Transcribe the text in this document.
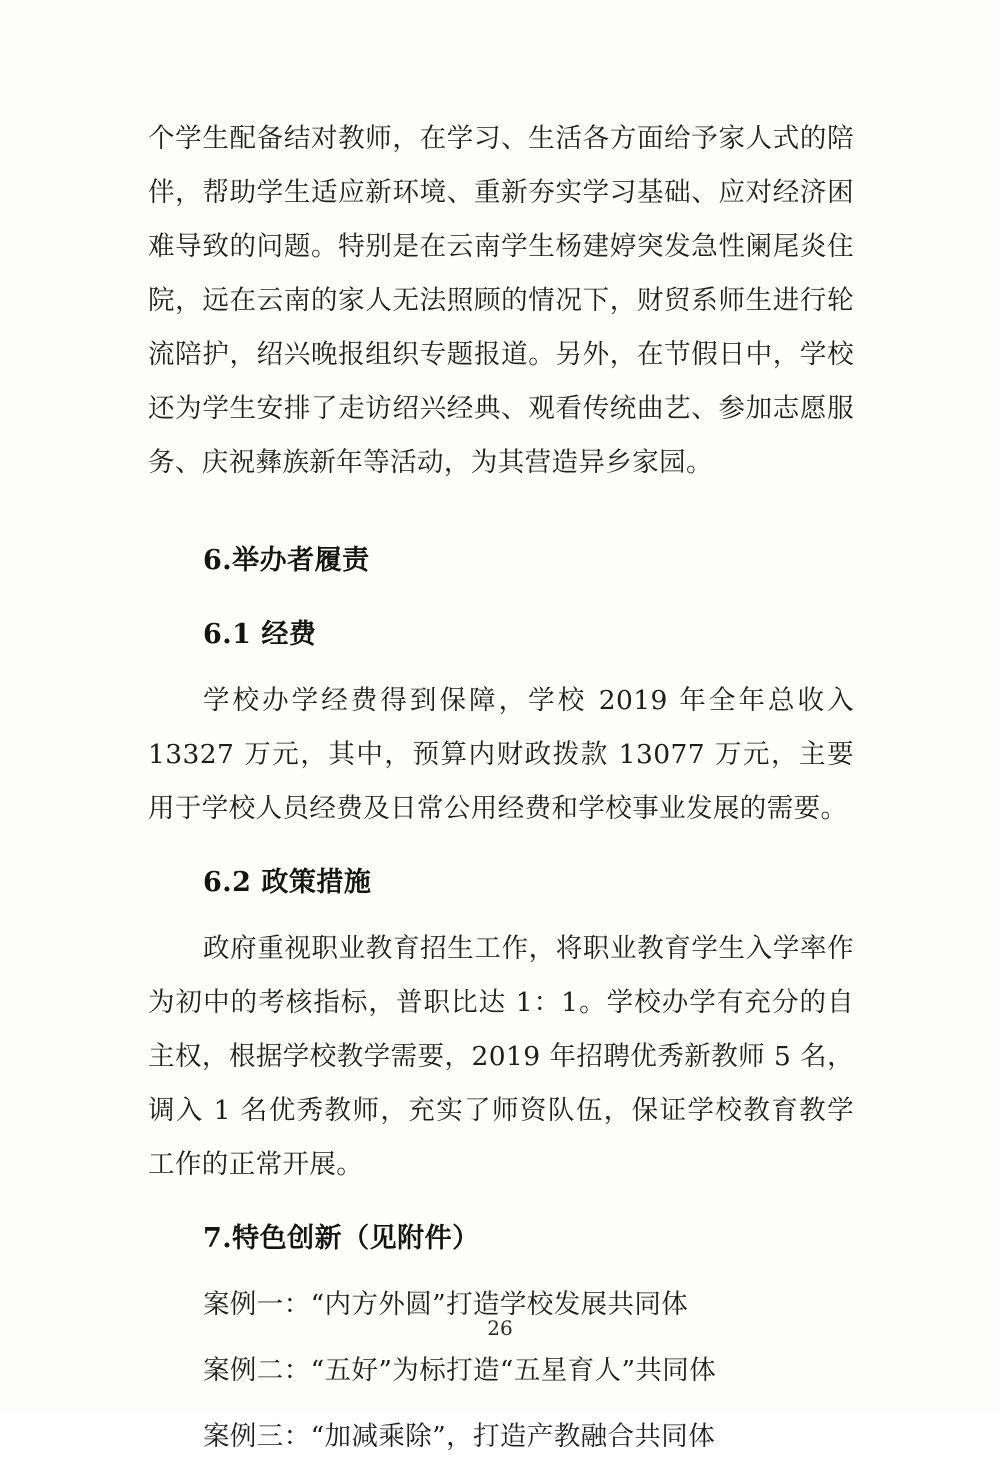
个学生配备结对教师，在学习、生活各方面给予家人式的陪伴，帮助学生适应新环境、重新夯实学习基础、应对经济困难导致的问题。特别是在云南学生杨建婷突发急性阑尾炎住院，远在云南的家人无法照顾的情况下，财贸系师生进行轮流陪护，绍兴晚报组织专题报道。另外，在节假日中，学校还为学生安排了走访绍兴经典、观看传统曲艺、参加志愿服务、庆祝彝族新年等活动，为其营造异乡家园。

6.举办者履责
6.1 经费

学校办学经费得到保障，学校 2019 年全年总收入 13327 万元，其中，预算内财政拨款 13077 万元，主要用于学校人员经费及日常公用经费和学校事业发展的需要。

6.2 政策措施

政府重视职业教育招生工作，将职业教育学生入学率作为初中的考核指标，普职比达 1：1。学校办学有充分的自主权，根据学校教学需要，2019 年招聘优秀新教师 5 名，调入 1 名优秀教师，充实了师资队伍，保证学校教育教学工作的正常开展。

7.特色创新（见附件）

案例一：“内方外圆”打造学校发展共同体

案例二：“五好”为标打造“五星育人”共同体

案例三：“加减乘除”，打造产教融合共同体

26
